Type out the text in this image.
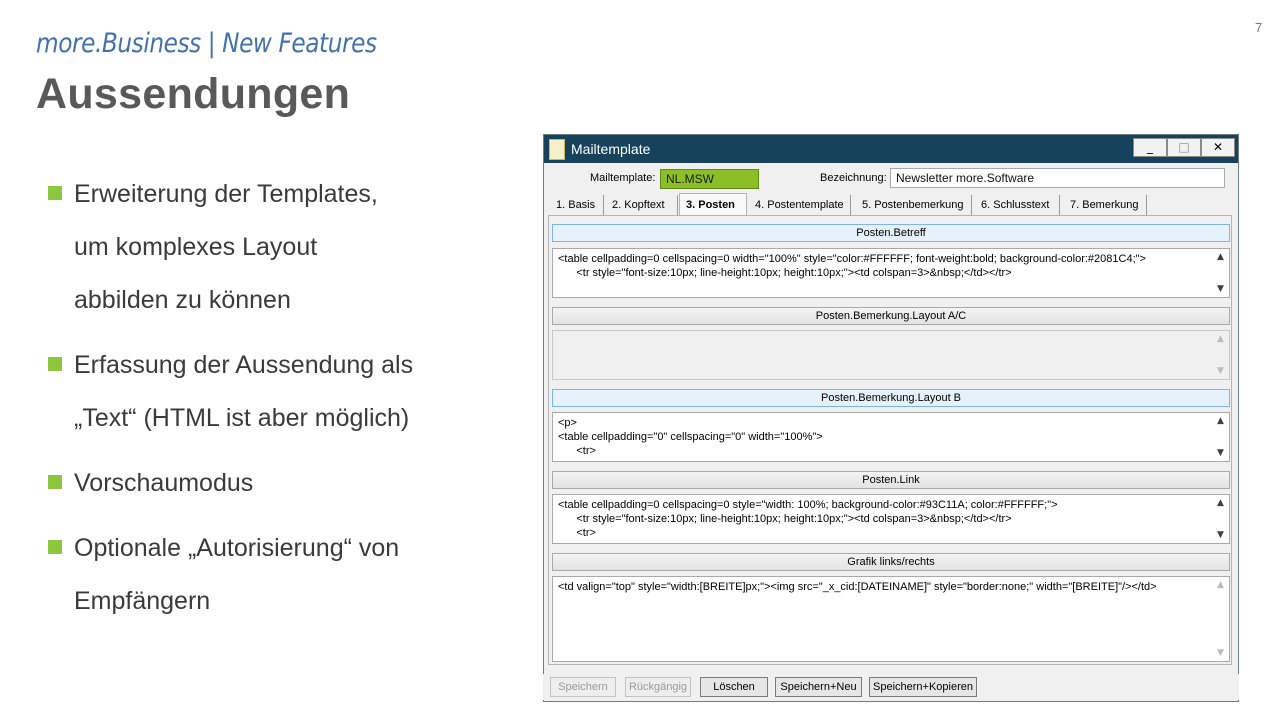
7
more.Business | New Features
Aussendungen
Erweiterung der Templates,
um komplexes Layout
abbilden zu können
Erfassung der Aussendung als
„Text“ (HTML ist aber möglich)
Vorschaumodus
Optionale „Autorisierung“ von
Empfängern
Mailtemplate	_	□	✕
Mailtemplate: NL.MSW	Bezeichnung: Newsletter more.Software
1. Basis	2. Kopftext	3. Posten	4. Postentemplate	5. Postenbemerkung	6. Schlusstext	7. Bemerkung
Posten.Betreff
<table cellpadding=0 cellspacing=0 width="100%" style="color:#FFFFFF; font-weight:bold; background-color:#2081C4;">
<tr style="font-size:10px; line-height:10px; height:10px;"><td colspan=3>&nbsp;</td></tr>
▲
▼
Posten.Bemerkung.Layout A/C
▲
▼
Posten.Bemerkung.Layout B
<p>
<table cellpadding="0" cellspacing="0" width="100%">
<tr>
▲
▼
Posten.Link
<table cellpadding=0 cellspacing=0 style="width: 100%; background-color:#93C11A; color:#FFFFFF;">
<tr style="font-size:10px; line-height:10px; height:10px;"><td colspan=3>&nbsp;</td></tr>
<tr>
▲
▼
Grafik links/rechts
<td valign="top" style="width:[BREITE]px;"><img src="_x_cid:[DATEINAME]" style="border:none;" width="[BREITE]"/></td>	▲
▼
Speichern	Rückgängig	Löschen	Speichern+Neu	Speichern+Kopieren
